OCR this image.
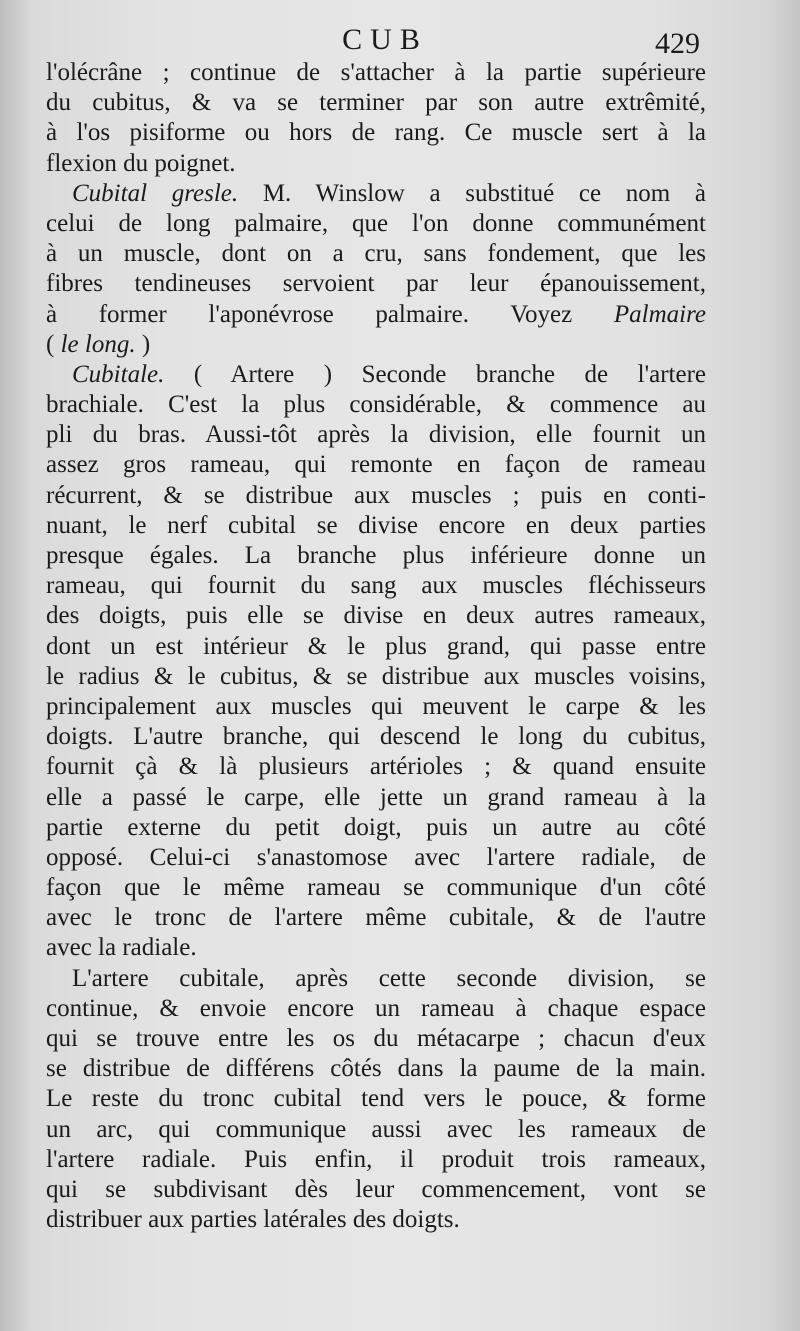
CUB	429
l'olécrâne ; continue de s'attacher à la partie supérieure
du cubitus, & va se terminer par son autre extrêmité,
à l'os pisiforme ou hors de rang. Ce muscle sert à la
flexion du poignet.
Cubital gresle. M. Winslow a substitué ce nom à
celui de long palmaire, que l'on donne communément
à un muscle, dont on a cru, sans fondement, que les
fibres tendineuses servoient par leur épanouissement,
à former l'aponévrose palmaire. Voyez Palmaire
( le long. )
Cubitale. ( Artere ) Seconde branche de l'artere
brachiale. C'est la plus considérable, & commence au
pli du bras. Aussi-tôt après la division, elle fournit un
assez gros rameau, qui remonte en façon de rameau
récurrent, & se distribue aux muscles ; puis en conti-
nuant, le nerf cubital se divise encore en deux parties
presque égales. La branche plus inférieure donne un
rameau, qui fournit du sang aux muscles fléchisseurs
des doigts, puis elle se divise en deux autres rameaux,
dont un est intérieur & le plus grand, qui passe entre
le radius & le cubitus, & se distribue aux muscles voisins,
principalement aux muscles qui meuvent le carpe & les
doigts. L'autre branche, qui descend le long du cubitus,
fournit çà & là plusieurs artérioles ; & quand ensuite
elle a passé le carpe, elle jette un grand rameau à la
partie externe du petit doigt, puis un autre au côté
opposé. Celui-ci s'anastomose avec l'artere radiale, de
façon que le même rameau se communique d'un côté
avec le tronc de l'artere même cubitale, & de l'autre
avec la radiale.
L'artere cubitale, après cette seconde division, se
continue, & envoie encore un rameau à chaque espace
qui se trouve entre les os du métacarpe ; chacun d'eux
se distribue de différens côtés dans la paume de la main.
Le reste du tronc cubital tend vers le pouce, & forme
un arc, qui communique aussi avec les rameaux de
l'artere radiale. Puis enfin, il produit trois rameaux,
qui se subdivisant dès leur commencement, vont se
distribuer aux parties latérales des doigts.
